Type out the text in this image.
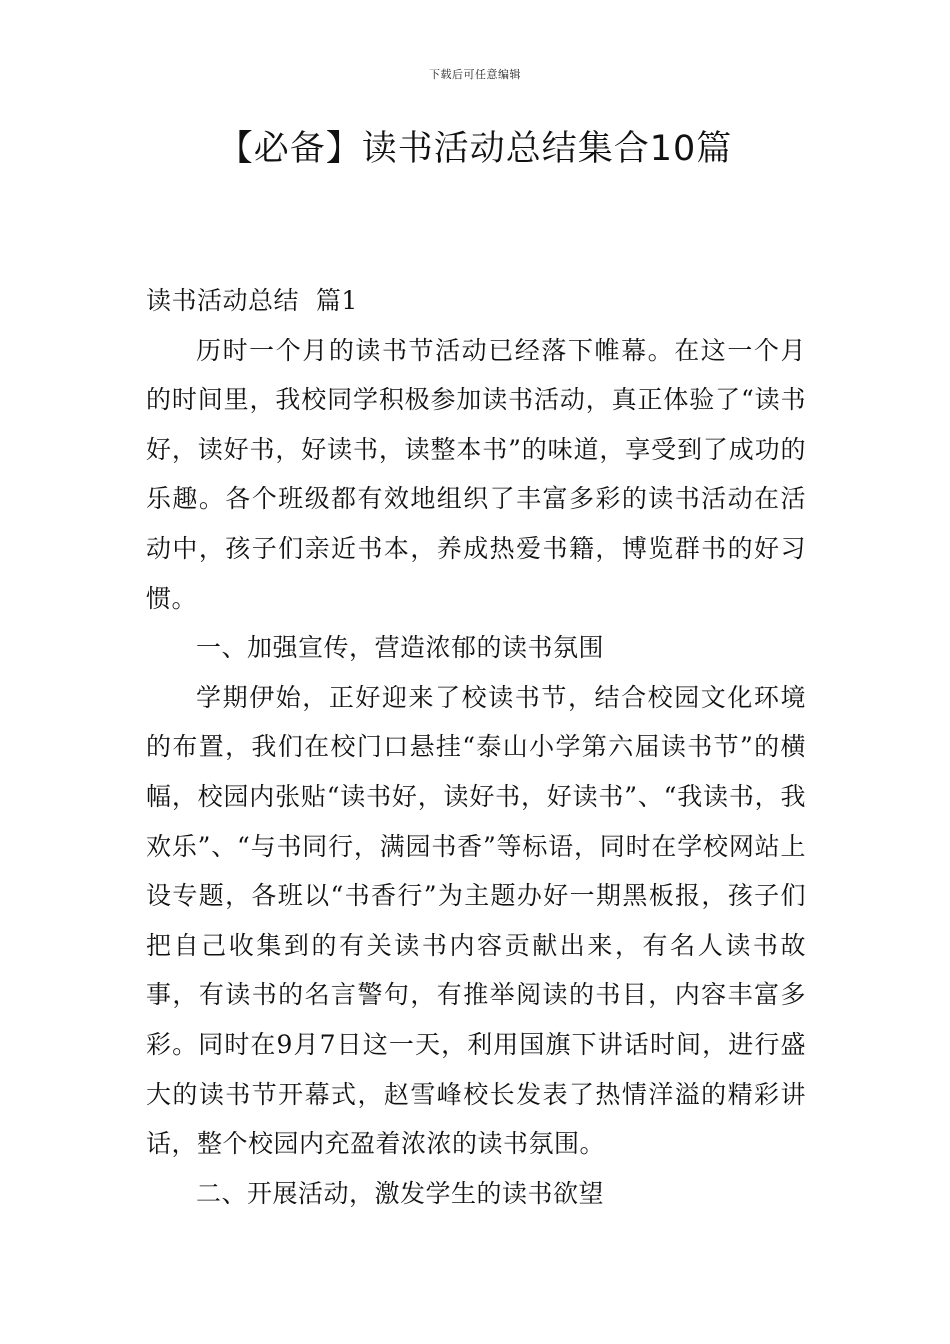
下载后可任意编辑
【必备】读书活动总结集合10篇

读书活动总结  篇1

历时一个月的读书节活动已经落下帷幕。在这一个月的时间里，我校同学积极参加读书活动，真正体验了“读书好，读好书，好读书，读整本书”的味道，享受到了成功的乐趣。各个班级都有效地组织了丰富多彩的读书活动在活动中，孩子们亲近书本，养成热爱书籍，博览群书的好习惯。

一、加强宣传，营造浓郁的读书氛围

学期伊始，正好迎来了校读书节，结合校园文化环境的布置，我们在校门口悬挂“泰山小学第六届读书节”的横幅，校园内张贴“读书好，读好书，好读书”、“我读书，我欢乐”、“与书同行，满园书香”等标语，同时在学校网站上设专题，各班以“书香行”为主题办好一期黑板报，孩子们把自己收集到的有关读书内容贡献出来，有名人读书故事，有读书的名言警句，有推举阅读的书目，内容丰富多彩。同时在9月7日这一天，利用国旗下讲话时间，进行盛大的读书节开幕式，赵雪峰校长发表了热情洋溢的精彩讲话，整个校园内充盈着浓浓的读书氛围。

二、开展活动，激发学生的读书欲望
